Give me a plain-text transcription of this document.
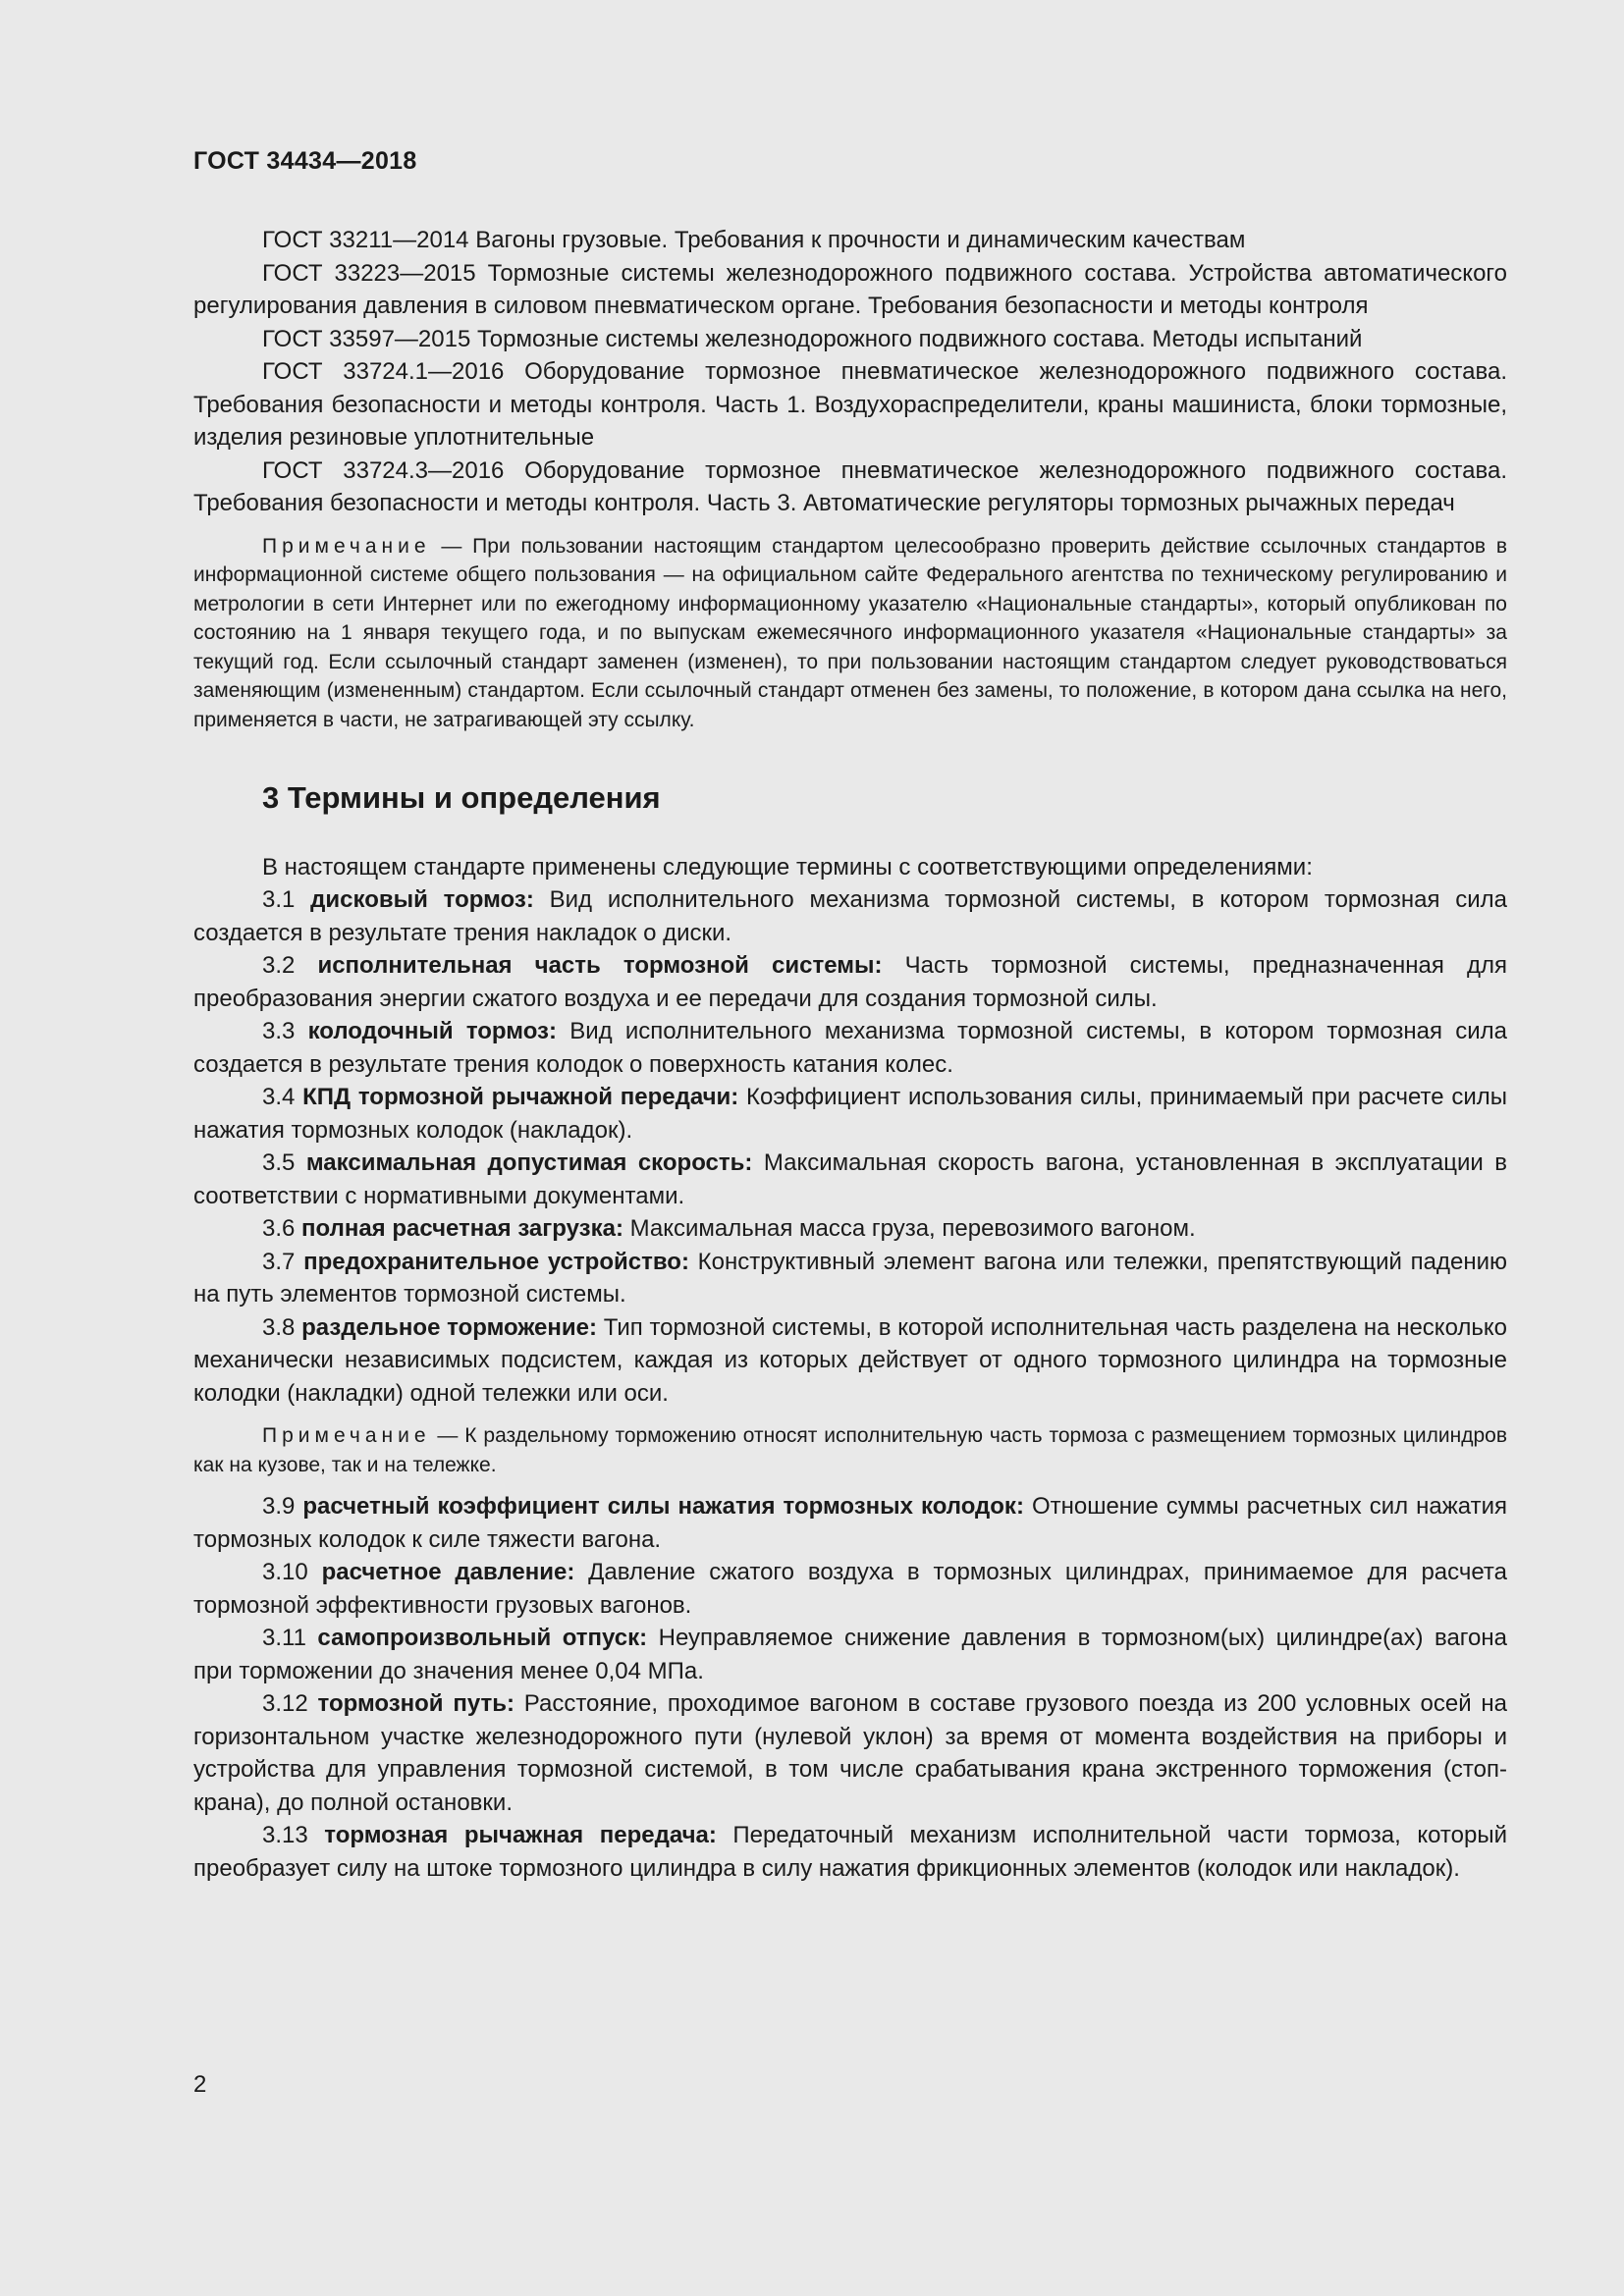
ГОСТ 34434—2018

ГОСТ 33211—2014 Вагоны грузовые. Требования к прочности и динамическим качествам

ГОСТ 33223—2015 Тормозные системы железнодорожного подвижного состава. Устройства автоматического регулирования давления в силовом пневматическом органе. Требования безопасности и методы контроля

ГОСТ 33597—2015 Тормозные системы железнодорожного подвижного состава. Методы испытаний

ГОСТ 33724.1—2016 Оборудование тормозное пневматическое железнодорожного подвижного состава. Требования безопасности и методы контроля. Часть 1. Воздухораспределители, краны машиниста, блоки тормозные, изделия резиновые уплотнительные

ГОСТ 33724.3—2016 Оборудование тормозное пневматическое железнодорожного подвижного состава. Требования безопасности и методы контроля. Часть 3. Автоматические регуляторы тормозных рычажных передач

Примечание — При пользовании настоящим стандартом целесообразно проверить действие ссылочных стандартов в информационной системе общего пользования — на официальном сайте Федерального агентства по техническому регулированию и метрологии в сети Интернет или по ежегодному информационному указателю «Национальные стандарты», который опубликован по состоянию на 1 января текущего года, и по выпускам ежемесячного информационного указателя «Национальные стандарты» за текущий год. Если ссылочный стандарт заменен (изменен), то при пользовании настоящим стандартом следует руководствоваться заменяющим (измененным) стандартом. Если ссылочный стандарт отменен без замены, то положение, в котором дана ссылка на него, применяется в части, не затрагивающей эту ссылку.

3 Термины и определения

В настоящем стандарте применены следующие термины с соответствующими определениями:

3.1 дисковый тормоз: Вид исполнительного механизма тормозной системы, в котором тормозная сила создается в результате трения накладок о диски.

3.2 исполнительная часть тормозной системы: Часть тормозной системы, предназначенная для преобразования энергии сжатого воздуха и ее передачи для создания тормозной силы.

3.3 колодочный тормоз: Вид исполнительного механизма тормозной системы, в котором тормозная сила создается в результате трения колодок о поверхность катания колес.

3.4 КПД тормозной рычажной передачи: Коэффициент использования силы, принимаемый при расчете силы нажатия тормозных колодок (накладок).

3.5 максимальная допустимая скорость: Максимальная скорость вагона, установленная в эксплуатации в соответствии с нормативными документами.

3.6 полная расчетная загрузка: Максимальная масса груза, перевозимого вагоном.

3.7 предохранительное устройство: Конструктивный элемент вагона или тележки, препятствующий падению на путь элементов тормозной системы.

3.8 раздельное торможение: Тип тормозной системы, в которой исполнительная часть разделена на несколько механически независимых подсистем, каждая из которых действует от одного тормозного цилиндра на тормозные колодки (накладки) одной тележки или оси.

Примечание — К раздельному торможению относят исполнительную часть тормоза с размещением тормозных цилиндров как на кузове, так и на тележке.

3.9 расчетный коэффициент силы нажатия тормозных колодок: Отношение суммы расчетных сил нажатия тормозных колодок к силе тяжести вагона.

3.10 расчетное давление: Давление сжатого воздуха в тормозных цилиндрах, принимаемое для расчета тормозной эффективности грузовых вагонов.

3.11 самопроизвольный отпуск: Неуправляемое снижение давления в тормозном(ых) цилиндре(ах) вагона при торможении до значения менее 0,04 МПа.

3.12 тормозной путь: Расстояние, проходимое вагоном в составе грузового поезда из 200 условных осей на горизонтальном участке железнодорожного пути (нулевой уклон) за время от момента воздействия на приборы и устройства для управления тормозной системой, в том числе срабатывания крана экстренного торможения (стоп-крана), до полной остановки.

3.13 тормозная рычажная передача: Передаточный механизм исполнительной части тормоза, который преобразует силу на штоке тормозного цилиндра в силу нажатия фрикционных элементов (колодок или накладок).

2
